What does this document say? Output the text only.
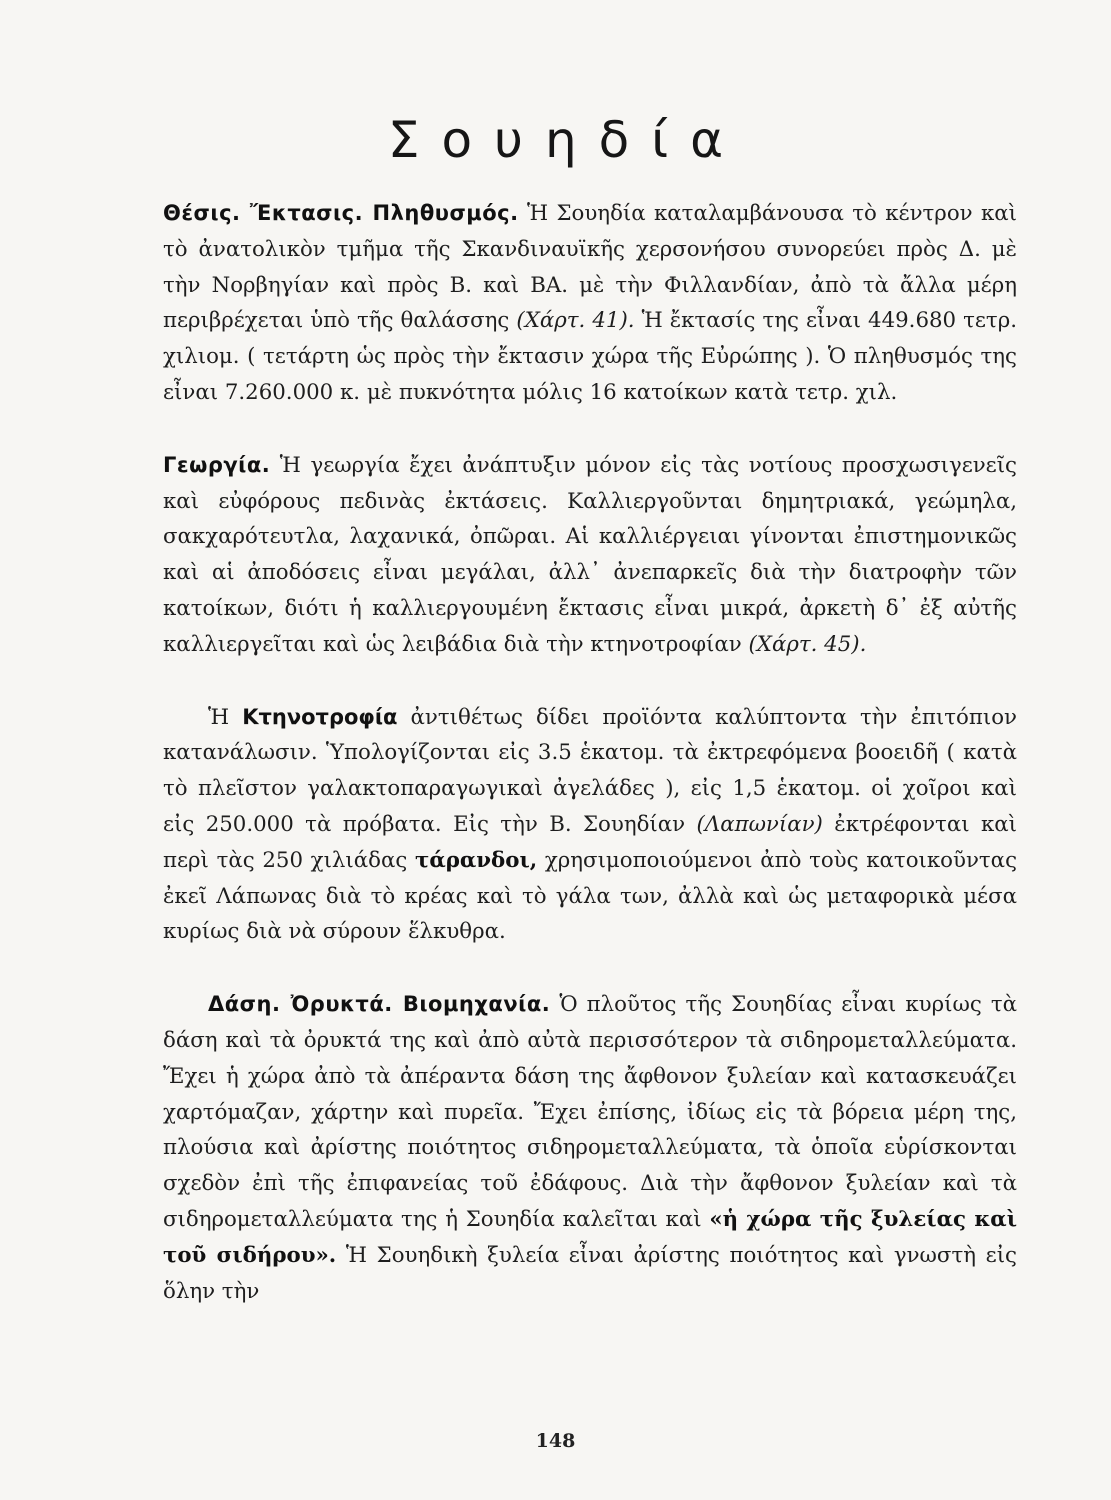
Σουηδία

Θέσις. Ἔκτασις. Πληθυσμός. Ἡ Σουηδία καταλαμβάνουσα τὸ κέντρον καὶ τὸ ἀνατολικὸν τμῆμα τῆς Σκανδιναυϊκῆς χερσονήσου συνορεύει πρὸς Δ. μὲ τὴν Νορβηγίαν καὶ πρὸς Β. καὶ ΒΑ. μὲ τὴν Φιλλανδίαν, ἀπὸ τὰ ἄλλα μέρη περιβρέχεται ὑπὸ τῆς θαλάσσης (Χάρτ. 41). Ἡ ἔκτασίς της εἶναι 449.680 τετρ. χιλιομ. ( τετάρτη ὡς πρὸς τὴν ἔκτασιν χώρα τῆς Εὐρώπης ). Ὁ πληθυσμός της εἶναι 7.260.000 κ. μὲ πυκνότητα μόλις 16 κατοίκων κατὰ τετρ. χιλ.

Γεωργία. Ἡ γεωργία ἔχει ἀνάπτυξιν μόνον εἰς τὰς νοτίους προσχωσιγενεῖς καὶ εὐφόρους πεδινὰς ἐκτάσεις. Καλλιεργοῦνται δημητριακά, γεώμηλα, σακχαρότευτλα, λαχανικά, ὀπῶραι. Αἱ καλλιέργειαι γίνονται ἐπιστημονικῶς καὶ αἱ ἀποδόσεις εἶναι μεγάλαι, ἀλλ᾿ ἀνεπαρκεῖς διὰ τὴν διατροφὴν τῶν κατοίκων, διότι ἡ καλλιεργουμένη ἔκτασις εἶναι μικρά, ἀρκετὴ δ᾿ ἐξ αὐτῆς καλλιεργεῖται καὶ ὡς λειβάδια διὰ τὴν κτηνοτροφίαν (Χάρτ. 45).

Ἡ Κτηνοτροφία ἀντιθέτως δίδει προϊόντα καλύπτοντα τὴν ἐπιτόπιον κατανάλωσιν. Ὑπολογίζονται εἰς 3.5 ἑκατομ. τὰ ἐκτρεφόμενα βοοειδῆ ( κατὰ τὸ πλεῖστον γαλακτοπαραγωγικαὶ ἀγελάδες ), εἰς 1,5 ἑκατομ. οἱ χοῖροι καὶ εἰς 250.000 τὰ πρόβατα. Εἰς τὴν Β. Σουηδίαν (Λαπωνίαν) ἐκτρέφονται καὶ περὶ τὰς 250 χιλιάδας τάρανδοι, χρησιμοποιούμενοι ἀπὸ τοὺς κατοικοῦντας ἐκεῖ Λάπωνας διὰ τὸ κρέας καὶ τὸ γάλα των, ἀλλὰ καὶ ὡς μεταφορικὰ μέσα κυρίως διὰ νὰ σύρουν ἕλκυθρα.

Δάση. Ὀρυκτά. Βιομηχανία. Ὁ πλοῦτος τῆς Σουηδίας εἶναι κυρίως τὰ δάση καὶ τὰ ὀρυκτά της καὶ ἀπὸ αὐτὰ περισσότερον τὰ σιδηρομεταλλεύματα. Ἔχει ἡ χώρα ἀπὸ τὰ ἀπέραντα δάση της ἄφθονον ξυλείαν καὶ κατασκευάζει χαρτόμαζαν, χάρτην καὶ πυρεῖα. Ἔχει ἐπίσης, ἰδίως εἰς τὰ βόρεια μέρη της, πλούσια καὶ ἀρίστης ποιότητος σιδηρομεταλλεύματα, τὰ ὁποῖα εὑρίσκονται σχεδὸν ἐπὶ τῆς ἐπιφανείας τοῦ ἐδάφους. Διὰ τὴν ἄφθονον ξυλείαν καὶ τὰ σιδηρομεταλλεύματα της ἡ Σουηδία καλεῖται καὶ «ἡ χώρα τῆς ξυλείας καὶ τοῦ σιδήρου». Ἡ Σουηδικὴ ξυλεία εἶναι ἀρίστης ποιότητος καὶ γνωστὴ εἰς ὅλην τὴν

148
